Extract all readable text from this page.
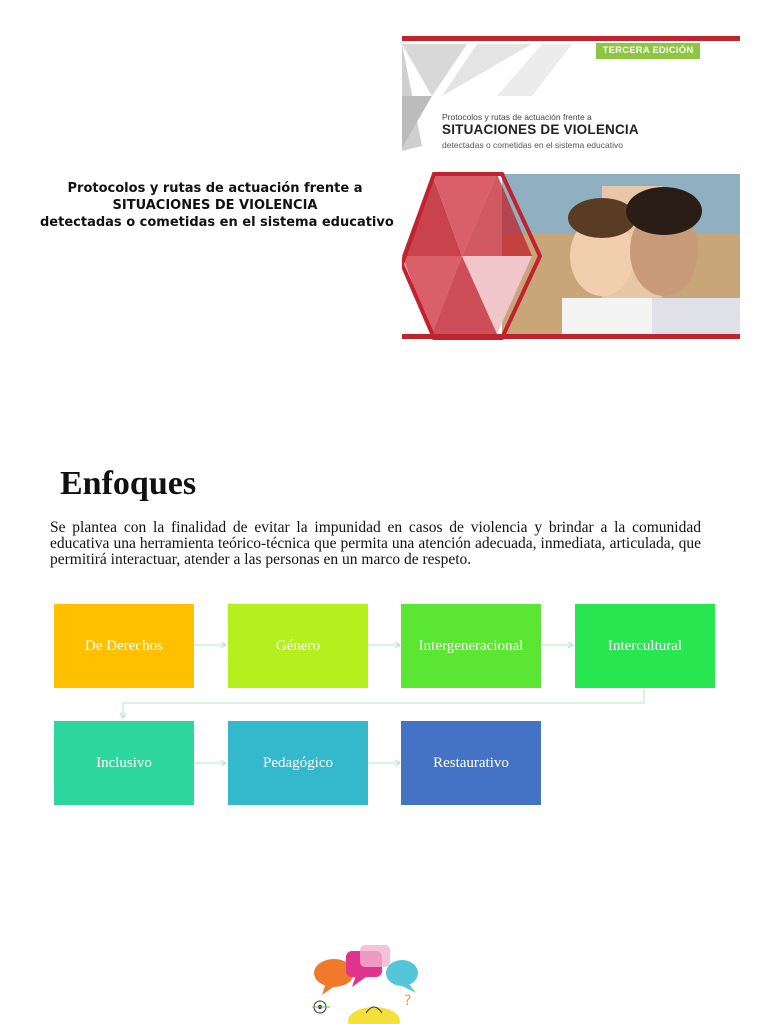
Protocolos y rutas de actuación frente a
SITUACIONES DE VIOLENCIA
detectadas o cometidas en el sistema educativo
TERCERA EDICIÓN
Protocolos y rutas de actuación frente a
SITUACIONES DE VIOLENCIA
detectadas o cometidas en el sistema educativo
Enfoques
Se plantea con la finalidad de evitar la impunidad en casos de violencia y brindar a la comunidad educativa una herramienta teórico-técnica que permita una atención adecuada, inmediata, articulada, que permitirá interactuar, atender a las personas en un marco de respeto.
De Derechos	Género	Intergeneracional	Intercultural
Inclusivo	Pedagógico	Restaurativo
?
